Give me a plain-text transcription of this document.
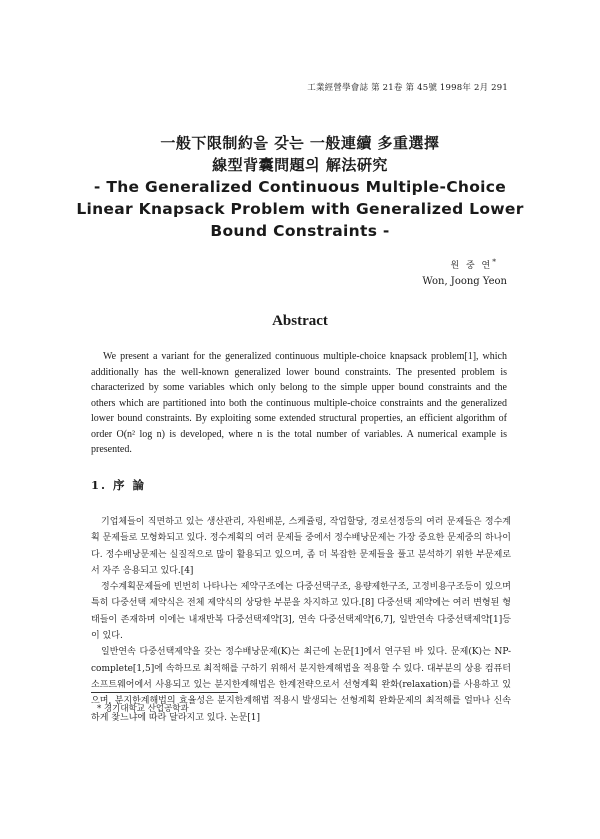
工業經營學會誌 第 21卷 第 45號 1998年 2月 291
一般下限制約을 갖는 一般連續 多重選擇
線型背囊問題의 解法硏究
- The Generalized Continuous Multiple-Choice
Linear Knapsack Problem with Generalized Lower
Bound Constraints -
원 중 연*
Won, Joong Yeon
Abstract

We present a variant for the generalized continuous multiple-choice knapsack problem[1], which additionally has the well-known generalized lower bound constraints. The presented problem is characterized by some variables which only belong to the simple upper bound constraints and the others which are partitioned into both the continuous multiple-choice constraints and the generalized lower bound constraints. By exploiting some extended structural properties, an efficient algorithm of order O(n² log n) is developed, where n is the total number of variables. A numerical example is presented.

1. 序 論

기업체들이 직면하고 있는 생산관리, 자원배분, 스케쥴링, 작업할당, 경로선정등의 여러 문제들은 정수계획 문제들로 모형화되고 있다. 정수계획의 여러 문제들 중에서 정수배낭문제는 가장 중요한 문제중의 하나이다. 정수배낭문제는 실질적으로 많이 활용되고 있으며, 좀 더 복잡한 문제들을 풀고 분석하기 위한 부문제로서 자주 응용되고 있다.[4]

정수계획문제들에 빈번히 나타나는 제약구조에는 다중선택구조, 용량제한구조, 고정비용구조등이 있으며 특히 다중선택 제약식은 전체 제약식의 상당한 부분을 차지하고 있다.[8] 다중선택 제약에는 여러 변형된 형태들이 존재하며 이에는 내재반복 다중선택제약[3], 연속 다중선택제약[6,7], 일반연속 다중선택제약[1]등이 있다.

일반연속 다중선택제약을 갖는 정수배낭문제(K)는 최근에 논문[1]에서 연구된 바 있다. 문제(K)는 NP-complete[1,5]에 속하므로 최적해를 구하기 위해서 분지한계해법을 적용할 수 있다. 대부분의 상용 컴퓨터 소프트웨어에서 사용되고 있는 분지한계해법은 한계전략으로서 선형계획 완화(relaxation)를 사용하고 있으며, 분지한계해법의 효율성은 분지한계해법 적용시 발생되는 선형계획 완화문제의 최적해를 얼마나 신속하게 찾느냐에 따라 달라지고 있다. 논문[1]

* 경기대학교 산업공학과
